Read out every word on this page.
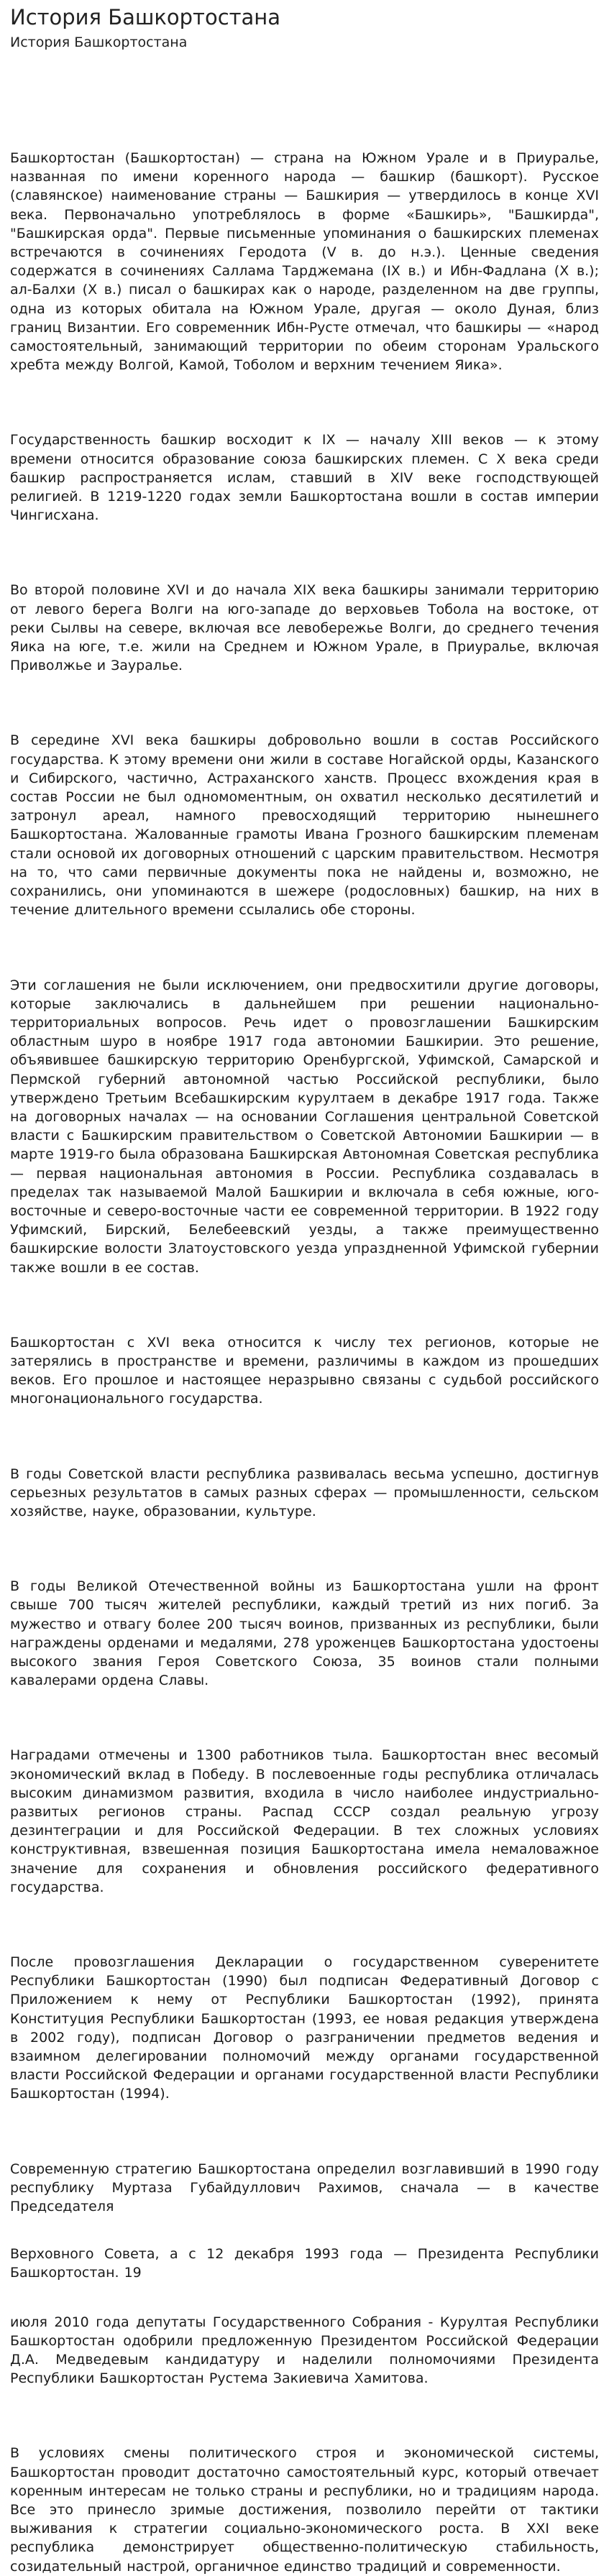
История Башкортостана
История Башкортостана

Башкортостан (Башкортостан) — страна на Южном Урале и в Приуралье, названная по имени коренного народа — башкир (башкорт). Русское (славянское) наименование страны — Башкирия — утвердилось в конце XVI века. Первоначально употреблялось в форме «Башкирь», "Башкирда", "Башкирская орда". Первые письменные упоминания о башкирских племенах встречаются в сочинениях Геродота (V в. до н.э.). Ценные сведения содержатся в сочинениях Саллама Тарджемана (IX в.) и Ибн-Фадлана (X в.); ал-Балхи (X в.) писал о башкирах как о народе, разделенном на две группы, одна из которых обитала на Южном Урале, другая — около Дуная, близ границ Византии. Его современник Ибн-Русте отмечал, что башкиры — «народ самостоятельный, занимающий территории по обеим сторонам Уральского хребта между Волгой, Камой, Тоболом и верхним течением Яика».

Государственность башкир восходит к IX — началу XIII веков — к этому времени относится образование союза башкирских племен. С X века среди башкир распространяется ислам, ставший в XIV веке господствующей религией. В 1219-1220 годах земли Башкортостана вошли в состав империи Чингисхана.

Во второй половине XVI и до начала XIX века башкиры занимали территорию от левого берега Волги на юго-западе до верховьев Тобола на востоке, от реки Сылвы на севере, включая все левобережье Волги, до среднего течения Яика на юге, т.е. жили на Среднем и Южном Урале, в Приуралье, включая Приволжье и Зауралье.

В середине XVI века башкиры добровольно вошли в состав Российского государства. К этому времени они жили в составе Ногайской орды, Казанского и Сибирского, частично, Астраханского ханств. Процесс вхождения края в состав России не был одномоментным, он охватил несколько десятилетий и затронул ареал, намного превосходящий территорию нынешнего Башкортостана. Жалованные грамоты Ивана Грозного башкирским племенам стали основой их договорных отношений с царским правительством. Несмотря на то, что сами первичные документы пока не найдены и, возможно, не сохранились, они упоминаются в шежере (родословных) башкир, на них в течение длительного времени ссылались обе стороны.

Эти соглашения не были исключением, они предвосхитили другие договоры, которые заключались в дальнейшем при решении национально-территориальных вопросов. Речь идет о провозглашении Башкирским областным шуро в ноябре 1917 года автономии Башкирии. Это решение, объявившее башкирскую территорию Оренбургской, Уфимской, Самарской и Пермской губерний автономной частью Российской республики, было утверждено Третьим Всебашкирским курултаем в декабре 1917 года. Также на договорных началах — на основании Соглашения центральной Советской власти с Башкирским правительством о Советской Автономии Башкирии — в марте 1919-го была образована Башкирская Автономная Советская республика — первая национальная автономия в России. Республика создавалась в пределах так называемой Малой Башкирии и включала в себя южные, юго-восточные и северо-восточные части ее современной территории. В 1922 году Уфимский, Бирский, Белебеевский уезды, а также преимущественно башкирские волости Златоустовского уезда упраздненной Уфимской губернии также вошли в ее состав.

Башкортостан с XVI века относится к числу тех регионов, которые не затерялись в пространстве и времени, различимы в каждом из прошедших веков. Его прошлое и настоящее неразрывно связаны с судьбой российского многонационального государства.

В годы Советской власти республика развивалась весьма успешно, достигнув серьезных результатов в самых разных сферах — промышленности, сельском хозяйстве, науке, образовании, культуре.

В годы Великой Отечественной войны из Башкортостана ушли на фронт свыше 700 тысяч жителей республики, каждый третий из них погиб. За мужество и отвагу более 200 тысяч воинов, призванных из республики, были награждены орденами и медалями, 278 уроженцев Башкортостана удостоены высокого звания Героя Советского Союза, 35 воинов стали полными кавалерами ордена Славы.

Наградами отмечены и 1300 работников тыла. Башкортостан внес весомый экономический вклад в Победу. В послевоенные годы республика отличалась высоким динамизмом развития, входила в число наиболее индустриально-развитых регионов страны. Распад СССР создал реальную угрозу дезинтеграции и для Российской Федерации. В тех сложных условиях конструктивная, взвешенная позиция Башкортостана имела немаловажное значение для сохранения и обновления российского федеративного государства.

После провозглашения Декларации о государственном суверенитете Республики Башкортостан (1990) был подписан Федеративный Договор с Приложением к нему от Республики Башкортостан (1992), принята Конституция Республики Башкортостан (1993, ее новая редакция утверждена в 2002 году), подписан Договор о разграничении предметов ведения и взаимном делегировании полномочий между органами государственной власти Российской Федерации и органами государственной власти Республики Башкортостан (1994).

Современную стратегию Башкортостана определил возглавивший в 1990 году республику Муртаза Губайдуллович Рахимов, сначала — в качестве Председателя

Верховного Совета, а с 12 декабря 1993 года — Президента Республики Башкортостан. 19

июля 2010 года депутаты Государственного Собрания - Курултая Республики Башкортостан одобрили предложенную Президентом Российской Федерации Д.А. Медведевым кандидатуру и наделили полномочиями Президента Республики Башкортостан Рустема Закиевича Хамитова.

В условиях смены политического строя и экономической системы, Башкортостан проводит достаточно самостоятельный курс, который отвечает коренным интересам не только страны и республики, но и традициям народа. Все это принесло зримые достижения, позволило перейти от тактики выживания к стратегии социально-экономического роста. В XXI веке республика демонстрирует общественно-политическую стабильность, созидательный настрой, органичное единство традиций и современности.
